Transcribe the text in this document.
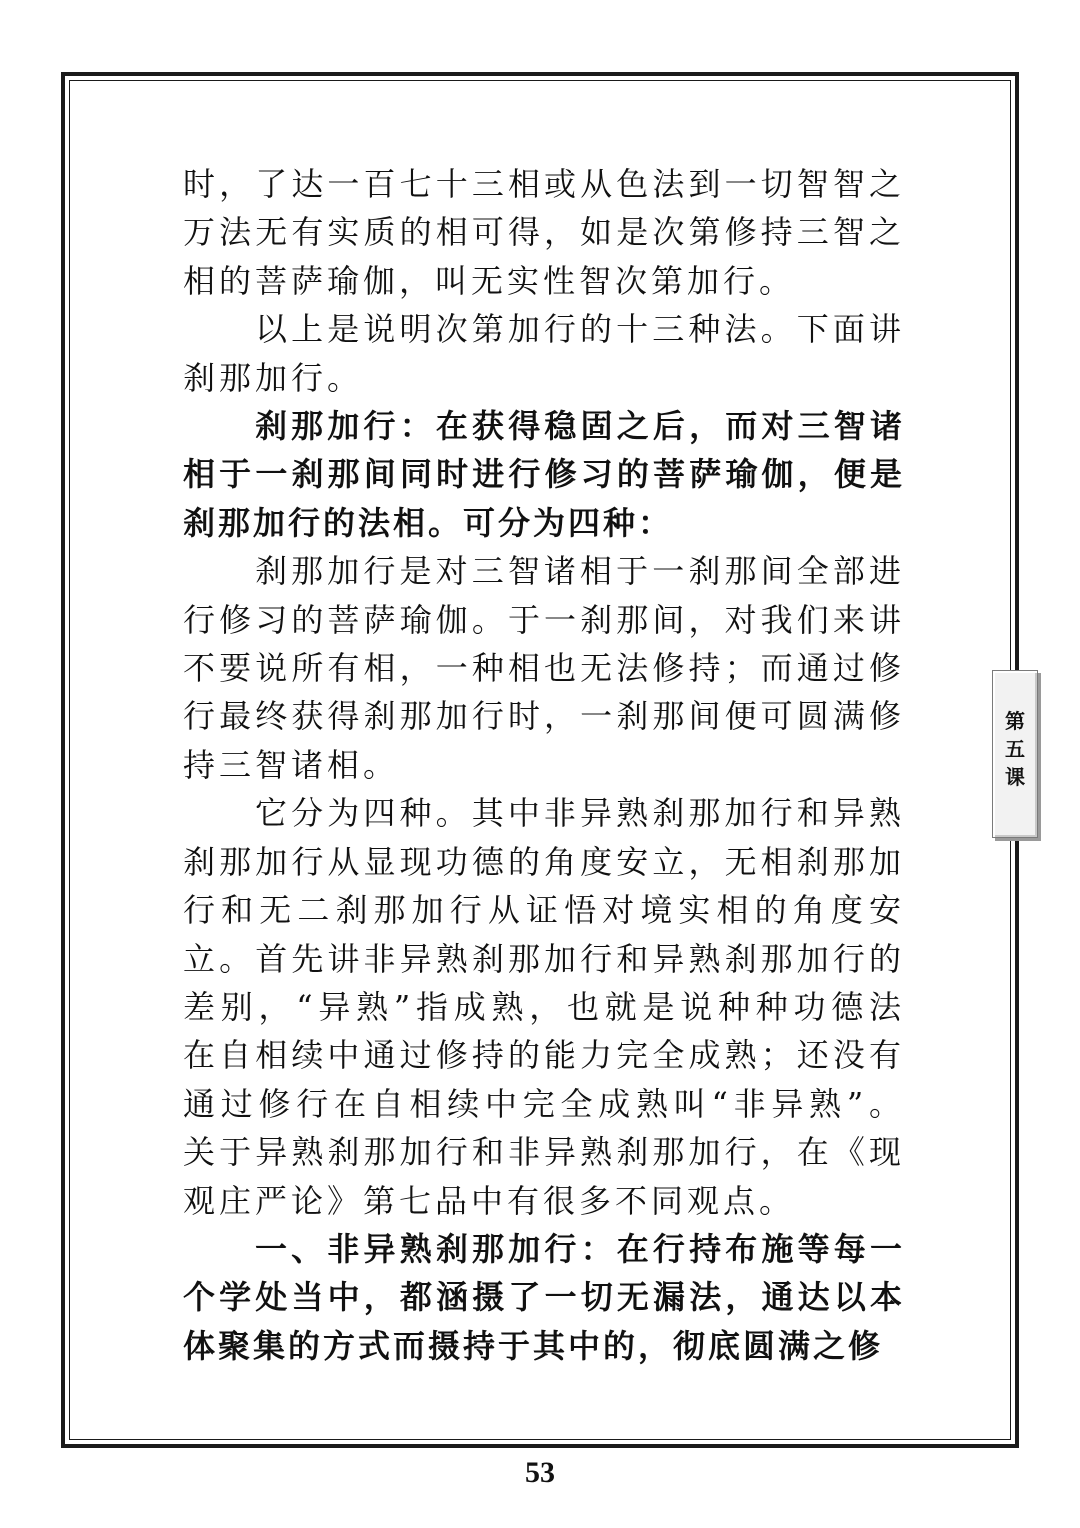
时，了达一百七十三相或从色法到一切智智之万法无有实质的相可得，如是次第修持三智之相的菩萨瑜伽，叫无实性智次第加行。

以上是说明次第加行的十三种法。下面讲刹那加行。

刹那加行：在获得稳固之后，而对三智诸相于一刹那间同时进行修习的菩萨瑜伽，便是刹那加行的法相。可分为四种：

刹那加行是对三智诸相于一刹那间全部进行修习的菩萨瑜伽。于一刹那间，对我们来讲不要说所有相，一种相也无法修持；而通过修行最终获得刹那加行时，一刹那间便可圆满修持三智诸相。

它分为四种。其中非异熟刹那加行和异熟刹那加行从显现功德的角度安立，无相刹那加行和无二刹那加行从证悟对境实相的角度安立。首先讲非异熟刹那加行和异熟刹那加行的差别，“异熟”指成熟，也就是说种种功德法在自相续中通过修持的能力完全成熟；还没有通过修行在自相续中完全成熟叫“非异熟”。关于异熟刹那加行和非异熟刹那加行，在《现观庄严论》第七品中有很多不同观点。

一、非异熟刹那加行：在行持布施等每一个学处当中，都涵摄了一切无漏法，通达以本体聚集的方式而摄持于其中的，彻底圆满之修

第
五
课
53
